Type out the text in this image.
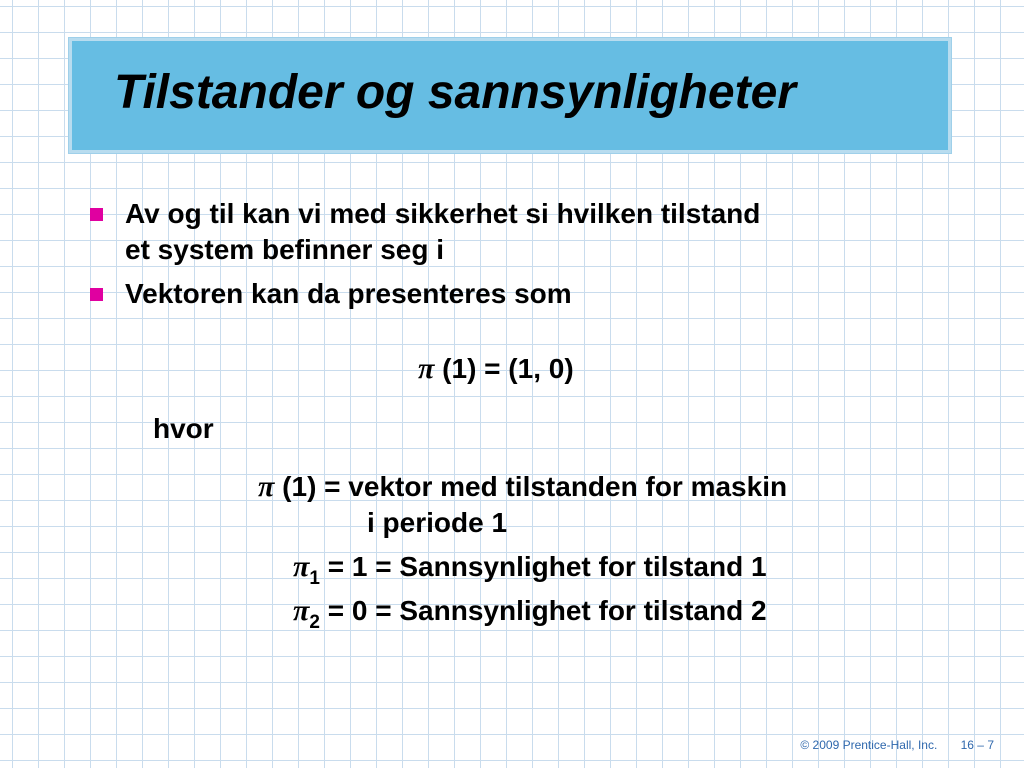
Tilstander og sannsynligheter
Av og til kan vi med sikkerhet si hvilken tilstand
et system befinner seg i
Vektoren kan da presenteres som
π (1) = (1, 0)
hvor
π (1) = vektor med tilstanden for maskin
i periode 1
$\pi_1 = 1$ = Sannsynlighet for tilstand 1
$\pi_2 = 0$ = Sannsynlighet for tilstand 2
© 2009 Prentice-Hall, Inc. 16 – 7
